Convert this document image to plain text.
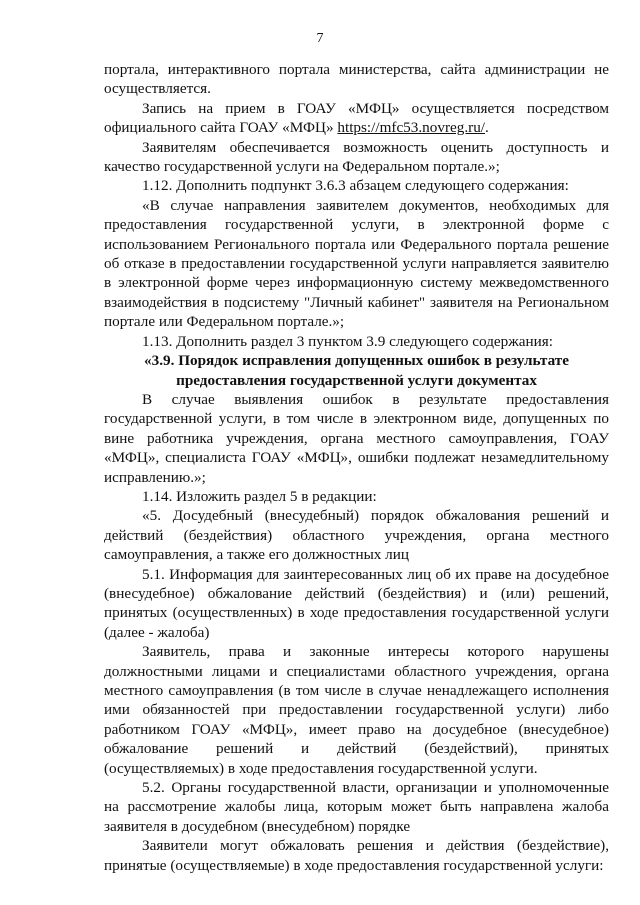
7

портала, интерактивного портала министерства, сайта администрации не осуществляется.

Запись на прием в ГОАУ «МФЦ» осуществляется посредством официального сайта ГОАУ «МФЦ» https://mfc53.novreg.ru/.

Заявителям обеспечивается возможность оценить доступность и качество государственной услуги на Федеральном портале.»;

1.12. Дополнить подпункт 3.6.3 абзацем следующего содержания:

«В случае направления заявителем документов, необходимых для предоставления государственной услуги, в электронной форме с использованием Регионального портала или Федерального портала решение об отказе в предоставлении государственной услуги направляется заявителю в электронной форме через информационную систему межведомственного взаимодействия в подсистему "Личный кабинет" заявителя на Региональном портале или Федеральном портале.»;

1.13. Дополнить раздел 3 пунктом 3.9 следующего содержания:

«3.9. Порядок исправления допущенных ошибок в результате
предоставления государственной услуги документах

В случае выявления ошибок в результате предоставления государственной услуги, в том числе в электронном виде, допущенных по вине работника учреждения, органа местного самоуправления, ГОАУ «МФЦ», специалиста ГОАУ «МФЦ», ошибки подлежат незамедлительному исправлению.»;

1.14. Изложить раздел 5 в редакции:

«5. Досудебный (внесудебный) порядок обжалования решений и действий (бездействия) областного учреждения, органа местного самоуправления, а также его должностных лиц

5.1. Информация для заинтересованных лиц об их праве на досудебное (внесудебное) обжалование действий (бездействия) и (или) решений, принятых (осуществленных) в ходе предоставления государственной услуги (далее - жалоба)

Заявитель, права и законные интересы которого нарушены должностными лицами и специалистами областного учреждения, органа местного самоуправления (в том числе в случае ненадлежащего исполнения ими обязанностей при предоставлении государственной услуги) либо работником ГОАУ «МФЦ», имеет право на досудебное (внесудебное) обжалование решений и действий (бездействий), принятых (осуществляемых) в ходе предоставления государственной услуги.

5.2. Органы государственной власти, организации и уполномоченные на рассмотрение жалобы лица, которым может быть направлена жалоба заявителя в досудебном (внесудебном) порядке

Заявители могут обжаловать решения и действия (бездействие), принятые (осуществляемые) в ходе предоставления государственной услуги:
